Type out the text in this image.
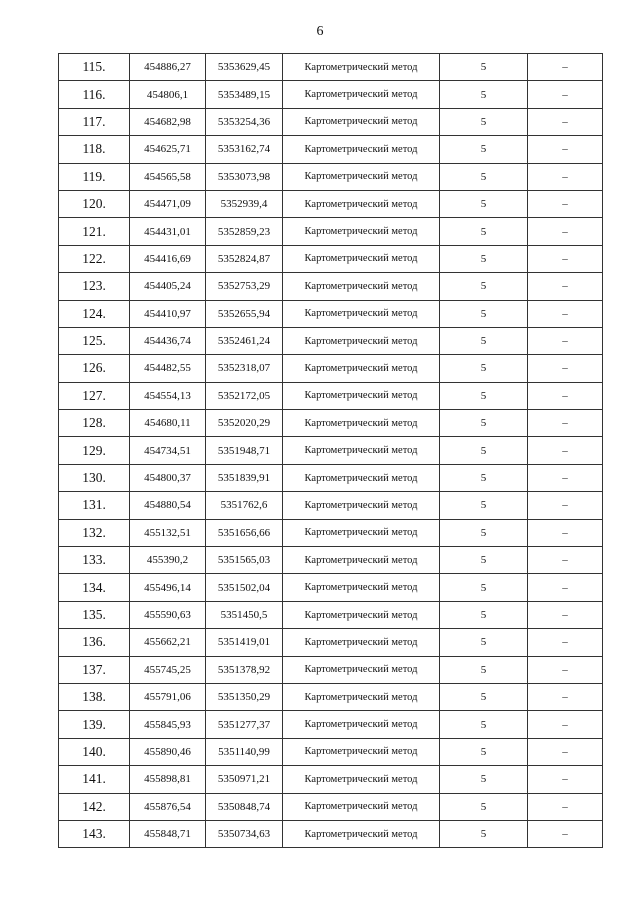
6
115.	454886,27	5353629,45	Картометрический метод	5	–
116.	454806,1	5353489,15	Картометрический метод	5	–
117.	454682,98	5353254,36	Картометрический метод	5	–
118.	454625,71	5353162,74	Картометрический метод	5	–
119.	454565,58	5353073,98	Картометрический метод	5	–
120.	454471,09	5352939,4	Картометрический метод	5	–
121.	454431,01	5352859,23	Картометрический метод	5	–
122.	454416,69	5352824,87	Картометрический метод	5	–
123.	454405,24	5352753,29	Картометрический метод	5	–
124.	454410,97	5352655,94	Картометрический метод	5	–
125.	454436,74	5352461,24	Картометрический метод	5	–
126.	454482,55	5352318,07	Картометрический метод	5	–
127.	454554,13	5352172,05	Картометрический метод	5	–
128.	454680,11	5352020,29	Картометрический метод	5	–
129.	454734,51	5351948,71	Картометрический метод	5	–
130.	454800,37	5351839,91	Картометрический метод	5	–
131.	454880,54	5351762,6	Картометрический метод	5	–
132.	455132,51	5351656,66	Картометрический метод	5	–
133.	455390,2	5351565,03	Картометрический метод	5	–
134.	455496,14	5351502,04	Картометрический метод	5	–
135.	455590,63	5351450,5	Картометрический метод	5	–
136.	455662,21	5351419,01	Картометрический метод	5	–
137.	455745,25	5351378,92	Картометрический метод	5	–
138.	455791,06	5351350,29	Картометрический метод	5	–
139.	455845,93	5351277,37	Картометрический метод	5	–
140.	455890,46	5351140,99	Картометрический метод	5	–
141.	455898,81	5350971,21	Картометрический метод	5	–
142.	455876,54	5350848,74	Картометрический метод	5	–
143.	455848,71	5350734,63	Картометрический метод	5	–
